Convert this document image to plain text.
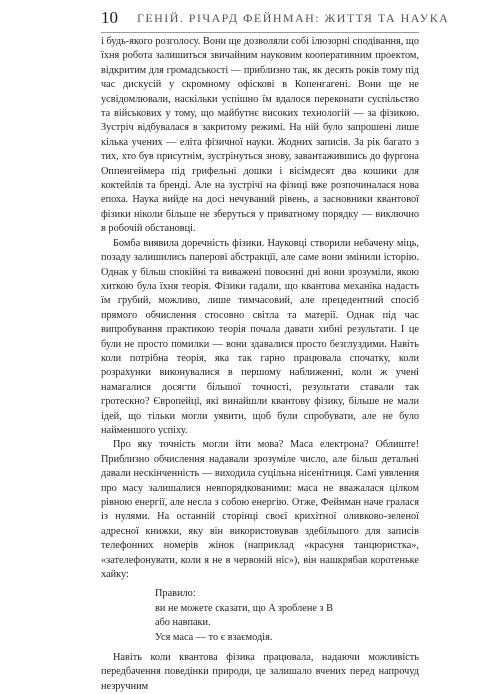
10 ГЕНІЙ. РІЧАРД ФЕЙНМАН: ЖИТТЯ ТА НАУКА

і будь-якого розголосу. Вони ще дозволяли собі ілюзорні сподівання, що їхня робота залишиться звичайним науковим кооперативним проектом, відкритим для громадськості — приблизно так, як десять років тому під час дискусій у скромному офіскові в Копенгагені. Вони ще не усвідомлювали, наскільки успішно їм вдалося переконати суспільство та військових у тому, що майбутнє високих технологій — за фізикою. Зустріч відбувалася в закритому режимі. На ній було запрошені лише кілька учених — еліта фізичної науки. Жодних записів. За рік багато з тих, хто був присутнім, зустрінуться знову, завантажившись до фургона Оппенгеймера під грифельні дошки і вісімдесят два кошики для коктейлів та бренді. Але на зустрічі на фізиці вже розпочиналася нова епоха. Наука вийде на досі нечуваний рівень, а засновники квантової фізики ніколи більше не зберуться у приватному порядку — виключно в робочій обстановці.

Бомба виявила доречність фізики. Науковці створили небачену міць, позаду залишились паперові абстракції, але саме вони змінили історію. Однак у більш спокійні та виважені повоєнні дні вони зрозуміли, якою хиткою була їхня теорія. Фізики гадали, що квантова механіка надасть їм грубий, можливо, лише тимчасовий, але прецедентний спосіб прямого обчислення стосовно світла та матерії. Однак під час випробування практикою теорія почала давати хибні результати. І це були не просто помилки — вони здавалися просто безглуздими. Навіть коли потрібна теорія, яка так гарно працювала спочатку, коли розрахунки виконувалися в першому наближенні, коли ж учені намагалися досягти більшої точності, результати ставали так гротескно? Європейці, які винайшли квантову фізику, більше не мали ідей, що тільки могли уявити, щоб були спробувати, але не було найменшого успіху.

Про яку точність могли йти мова? Маса електрона? Облиште! Приблизно обчислення надавали зрозуміле число, але більш детальні давали нескінченність — виходила суцільна нісенітниця. Самі уявлення про масу залишалися невпорядкованими: маса не вважалася цілком рівною енергії, але несла з собою енергію. Отже, Фейнман наче гралася із нулями. На останній сторінці своєї крихітної оливково-зеленої адресної книжки, яку він використовував здебільшого для записів телефонних номерів жінок (наприклад «красуня танцюристка», «зателефонувати, коли я не в червоній ніс»), він нашкрябав коротеньке хайку:

Правило:
ви не можете сказати, що A зроблене з B
або навпаки.
Уся маса — то є взаємодія.

Навіть коли квантова фізика працювала, надаючи можливість передбачення поведінки природи, це залишало вчених перед напрочуд незручним
